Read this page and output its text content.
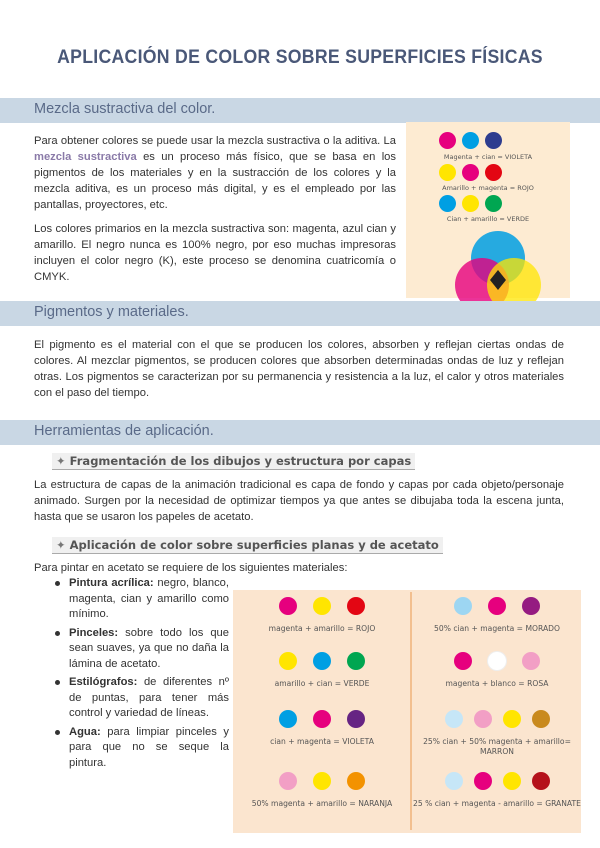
APLICACIÓN DE COLOR SOBRE SUPERFICIES FÍSICAS
Mezcla sustractiva del color.
Para obtener colores se puede usar la mezcla sustractiva o la aditiva. La mezcla sustractiva es un proceso más físico, que se basa en los pigmentos de los materiales y en la sustracción de los colores y la mezcla aditiva, es un proceso más digital, y es el empleado por las pantallas, proyectores, etc.
Los colores primarios en la mezcla sustractiva son: magenta, azul cian y amarillo. El negro nunca es 100% negro, por eso muchas impresoras incluyen el color negro (K), este proceso se denomina cuatricomía o CMYK.
Magenta + cian = VIOLETA
Amarillo + magenta = ROJO
Cian + amarillo = VERDE
Pigmentos y materiales.
El pigmento es el material con el que se producen los colores, absorben y reflejan ciertas ondas de colores. Al mezclar pigmentos, se producen colores que absorben determinadas ondas de luz y reflejan otras. Los pigmentos se caracterizan por su permanencia y resistencia a la luz, el calor y otros materiales con el paso del tiempo.
Herramientas de aplicación.
✦ Fragmentación de los dibujos y estructura por capas
La estructura de capas de la animación tradicional es capa de fondo y capas por cada objeto/personaje animado. Surgen por la necesidad de optimizar tiempos ya que antes se dibujaba toda la escena junta, hasta que se usaron los papeles de acetato.
✦ Aplicación de color sobre superficies planas y de acetato
Para pintar en acetato se requiere de los siguientes materiales:
Pintura acrílica: negro, blanco, magenta, cian y amarillo como mínimo.
Pinceles: sobre todo los que sean suaves, ya que no daña la lámina de acetato.
Estilógrafos: de diferentes nº de puntas, para tener más control y variedad de líneas.
Agua: para limpiar pinceles y para que no se seque la pintura.
magenta + amarillo = ROJO
amarillo + cian = VERDE
cian + magenta = VIOLETA
50% magenta + amarillo = NARANJA
50% cian + magenta = MORADO
magenta + blanco = ROSA
25% cian + 50% magenta + amarillo= MARRON
25 % cian + magenta - amarillo = GRANATE
